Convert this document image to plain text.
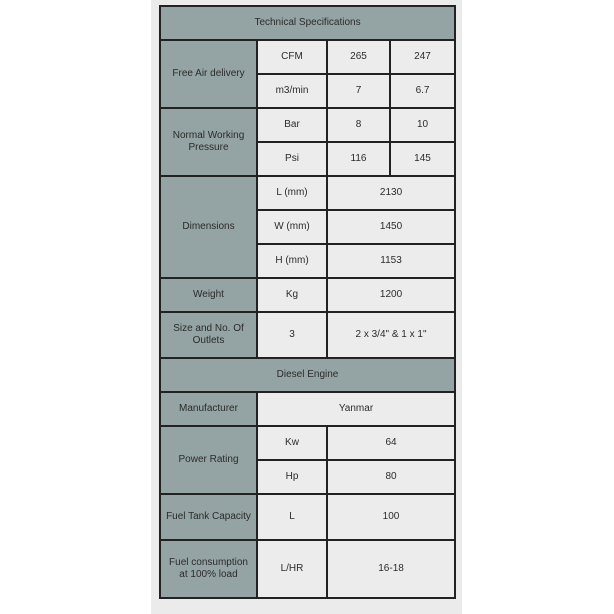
Technical Specifications			
Free Air delivery	CFM	265	247
	m3/min	7	6.7
Normal Working Pressure	Bar	8	10
	Psi	116	145
Dimensions	L (mm)	2130	
	W (mm)	1450	
	H (mm)	1153	
Weight	Kg	1200	
Size and No. Of Outlets	3	2 x 3/4" & 1 x 1"	
Diesel Engine			
Manufacturer	Yanmar		
Power Rating	Kw	64	
	Hp	80	
Fuel Tank Capacity	L	100	
Fuel consumption at 100% load	L/HR	16-18	
